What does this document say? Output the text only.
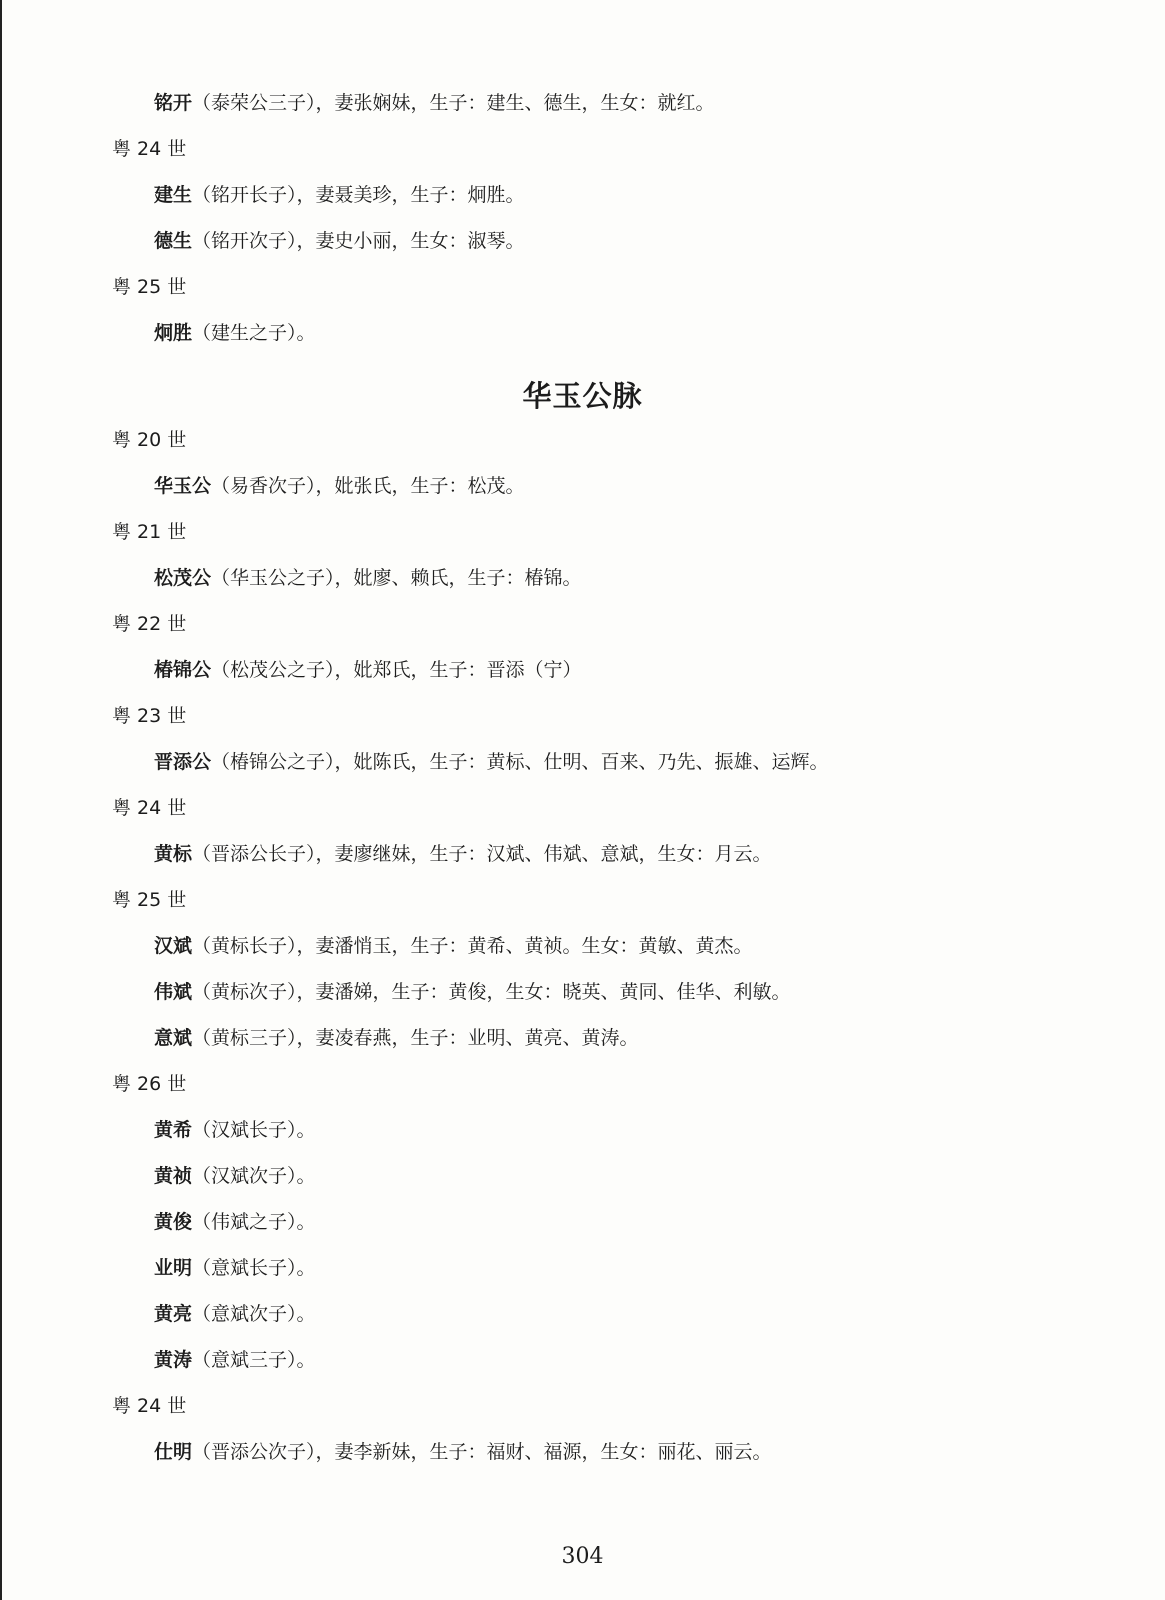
铭开（泰荣公三子），妻张娴妹，生子：建生、德生，生女：就红。
粤 24 世
建生（铭开长子），妻聂美珍，生子：炯胜。
德生（铭开次子），妻史小丽，生女：淑琴。
粤 25 世
炯胜（建生之子）。
华玉公脉
粤 20 世
华玉公（易香次子），妣张氏，生子：松茂。
粤 21 世
松茂公（华玉公之子），妣廖、赖氏，生子：椿锦。
粤 22 世
椿锦公（松茂公之子），妣郑氏，生子：晋添（宁）
粤 23 世
晋添公（椿锦公之子），妣陈氏，生子：黄标、仕明、百来、乃先、振雄、运辉。
粤 24 世
黄标（晋添公长子），妻廖继妹，生子：汉斌、伟斌、意斌，生女：月云。
粤 25 世
汉斌（黄标长子），妻潘悄玉，生子：黄希、黄祯。生女：黄敏、黄杰。
伟斌（黄标次子），妻潘娣，生子：黄俊，生女：晓英、黄同、佳华、利敏。
意斌（黄标三子），妻凌春燕，生子：业明、黄亮、黄涛。
粤 26 世
黄希（汉斌长子）。
黄祯（汉斌次子）。
黄俊（伟斌之子）。
业明（意斌长子）。
黄亮（意斌次子）。
黄涛（意斌三子）。
粤 24 世
仕明（晋添公次子），妻李新妹，生子：福财、福源，生女：丽花、丽云。
304
